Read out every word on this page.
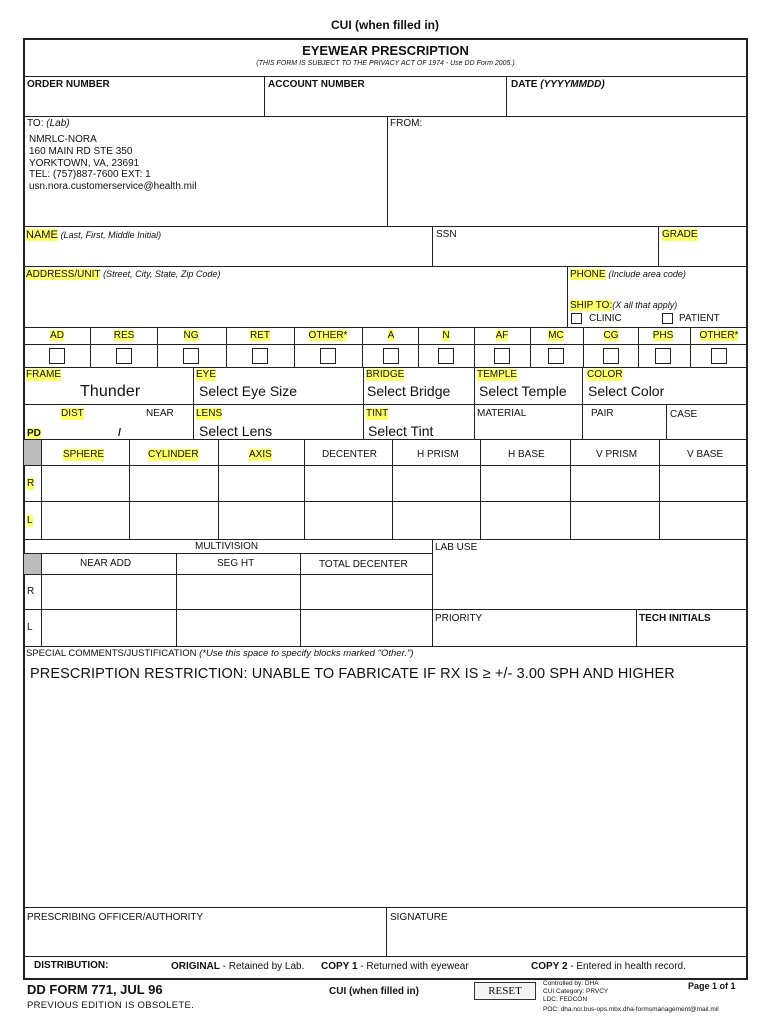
CUI (when filled in)
EYEWEAR PRESCRIPTION
(THIS FORM IS SUBJECT TO THE PRIVACY ACT OF 1974 - Use DD Form 2005.)
ORDER NUMBER	ACCOUNT NUMBER	DATE (YYYYMMDD)
TO: (Lab)
NMRLC-NORA
160 MAIN RD STE 350
YORKTOWN, VA, 23691
TEL: (757)887-7600 EXT: 1
usn.nora.customerservice@health.mil
FROM:
NAME (Last, First, Middle Initial)	SSN	GRADE
ADDRESS/UNIT (Street, City, State, Zip Code)	PHONE (Include area code)
SHIP TO:(X all that apply)
CLINIC	PATIENT
AD	RES	NG	RET	OTHER*	A	N	AF	MC	CG	PHS	OTHER*
FRAME
Thunder
EYE
Select Eye Size
BRIDGE
Select Bridge
TEMPLE
Select Temple
COLOR
Select Color
DIST	NEAR
PD	/
LENS
Select Lens
TINT
Select Tint
MATERIAL	PAIR	CASE
SPHERE	CYLINDER	AXIS	DECENTER	H PRISM	H BASE	V PRISM	V BASE
R
L
MULTIVISION
NEAR ADD	SEG HT	TOTAL DECENTER
R
L
LAB USE
PRIORITY	TECH INITIALS
SPECIAL COMMENTS/JUSTIFICATION (*Use this space to specify blocks marked "Other.")
PRESCRIPTION RESTRICTION: UNABLE TO FABRICATE IF RX IS ≥ +/- 3.00 SPH AND HIGHER
PRESCRIBING OFFICER/AUTHORITY	SIGNATURE
DISTRIBUTION:	ORIGINAL - Retained by Lab. COPY 1 - Returned with eyewear	COPY 2 - Entered in health record.
DD FORM 771, JUL 96
PREVIOUS EDITION IS OBSOLETE.
CUI (when filled in)	RESET
Controlled by: DHA
CUI Category: PRVCY
LDC: FEDCON
POC: dha.ncr.bus-ops.mbx.dha-formsmanagement@mail.mil
Page 1 of 1
